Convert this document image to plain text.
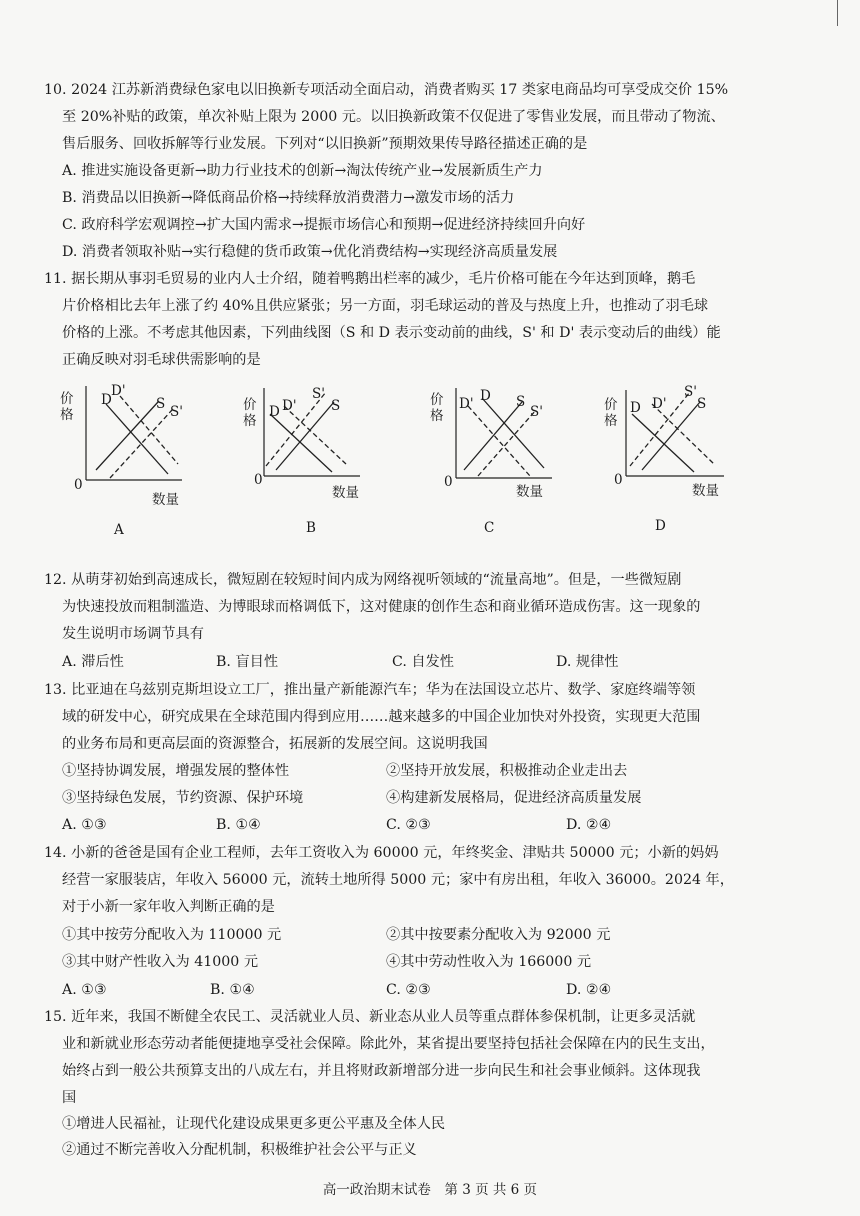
10. 2024 江苏新消费绿色家电以旧换新专项活动全面启动，消费者购买 17 类家电商品均可享受成交价 15%
至 20%补贴的政策，单次补贴上限为 2000 元。以旧换新政策不仅促进了零售业发展，而且带动了物流、
售后服务、回收拆解等行业发展。下列对“以旧换新”预期效果传导路径描述正确的是
A. 推进实施设备更新→助力行业技术的创新→淘汰传统产业→发展新质生产力
B. 消费品以旧换新→降低商品价格→持续释放消费潜力→激发市场的活力
C. 政府科学宏观调控→扩大国内需求→提振市场信心和预期→促进经济持续回升向好
D. 消费者领取补贴→实行稳健的货币政策→优化消费结构→实现经济高质量发展
11. 据长期从事羽毛贸易的业内人士介绍，随着鸭鹅出栏率的减少，毛片价格可能在今年达到顶峰，鹅毛
片价格相比去年上涨了约 40%且供应紧张；另一方面，羽毛球运动的普及与热度上升，也推动了羽毛球
价格的上涨。不考虑其他因素，下列曲线图（S 和 D 表示变动前的曲线，S' 和 D' 表示变动后的曲线）能
正确反映对羽毛球供需影响的是
价格
D
D'
S S'
0
数量
A
价格
D D'
S'
S
0
数量
B
价格
D' D S
S'
0
数量
C
价格
D D'
S'
S
0
数量
D
12. 从萌芽初始到高速成长，微短剧在较短时间内成为网络视听领域的“流量高地”。但是，一些微短剧
为快速投放而粗制滥造、为博眼球而格调低下，这对健康的创作生态和商业循环造成伤害。这一现象的
发生说明市场调节具有
A. 滞后性	B. 盲目性	C. 自发性	D. 规律性
13. 比亚迪在乌兹别克斯坦设立工厂，推出量产新能源汽车；华为在法国设立芯片、数学、家庭终端等领
域的研发中心，研究成果在全球范围内得到应用……越来越多的中国企业加快对外投资，实现更大范围
的业务布局和更高层面的资源整合，拓展新的发展空间。这说明我国
①坚持协调发展，增强发展的整体性	②坚持开放发展，积极推动企业走出去
③坚持绿色发展，节约资源、保护环境	④构建新发展格局，促进经济高质量发展
A. ①③	B. ①④	C. ②③	D. ②④
14. 小新的爸爸是国有企业工程师，去年工资收入为 60000 元，年终奖金、津贴共 50000 元；小新的妈妈
经营一家服装店，年收入 56000 元，流转土地所得 5000 元；家中有房出租，年收入 36000。2024 年，
对于小新一家年收入判断正确的是
①其中按劳分配收入为 110000 元	②其中按要素分配收入为 92000 元
③其中财产性收入为 41000 元	④其中劳动性收入为 166000 元
A. ①③	B. ①④	C. ②③	D. ②④
15. 近年来，我国不断健全农民工、灵活就业人员、新业态从业人员等重点群体参保机制，让更多灵活就
业和新就业形态劳动者能便捷地享受社会保障。除此外，某省提出要坚持包括社会保障在内的民生支出，
始终占到一般公共预算支出的八成左右，并且将财政新增部分进一步向民生和社会事业倾斜。这体现我
国
①增进人民福祉，让现代化建设成果更多更公平惠及全体人民
②通过不断完善收入分配机制，积极维护社会公平与正义
高一政治期末试卷　第 3 页 共 6 页
